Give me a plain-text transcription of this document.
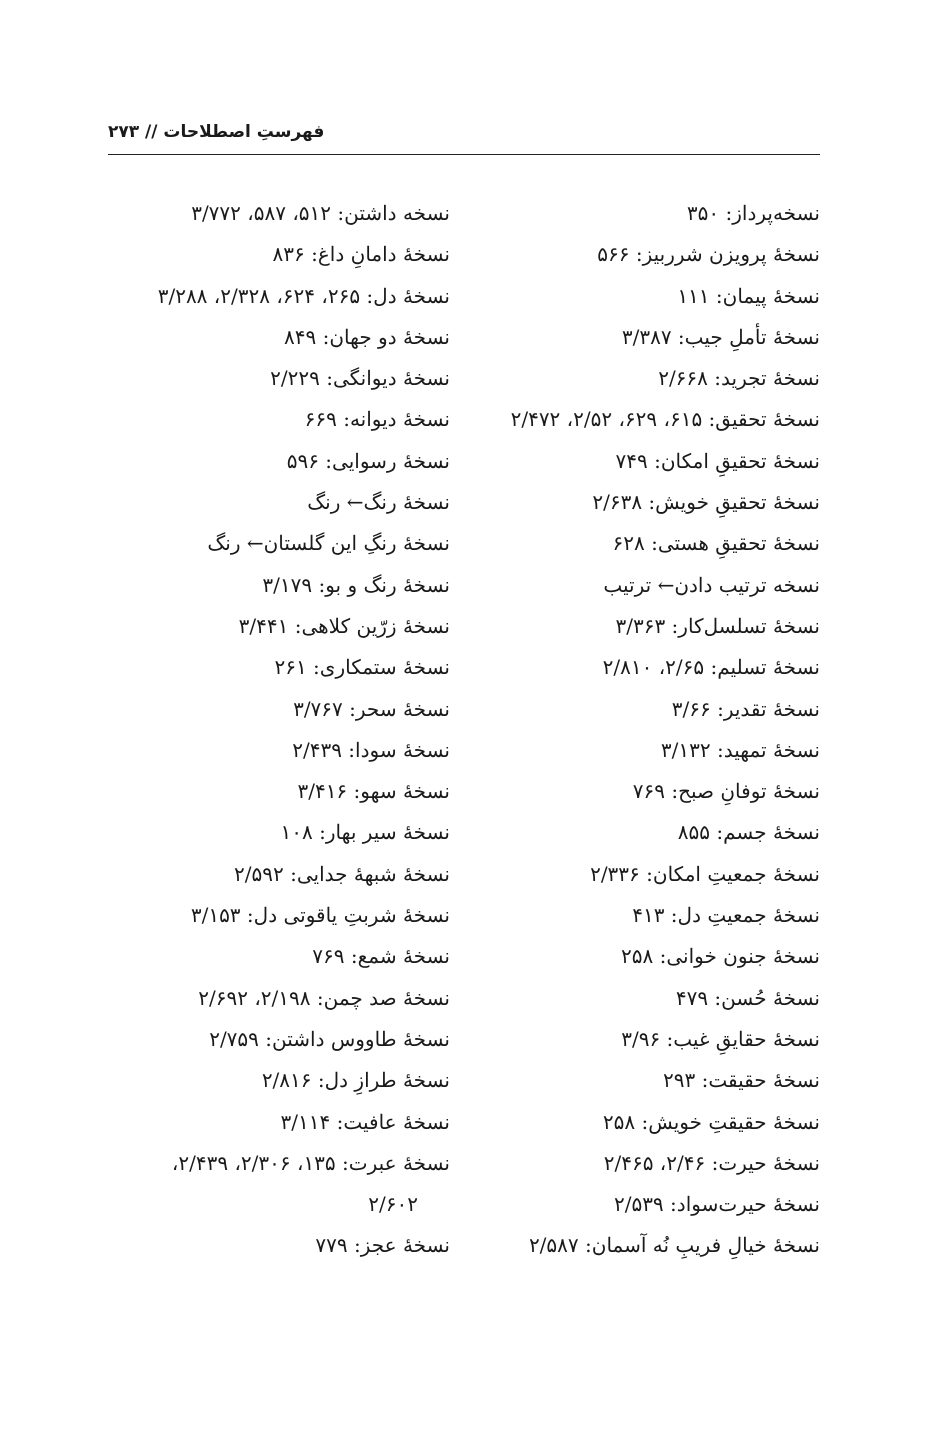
فهرستِ اصطلاحات // ۲۷۳
نسخه‌پرداز: ۳۵۰
نسخهٔ پرویزن شرربیز: ۵۶۶
نسخهٔ پیمان: ۱۱۱
نسخهٔ تأملِ جیب: ۳/۳۸۷
نسخهٔ تجرید: ۲/۶۶۸
نسخهٔ تحقیق: ۶۱۵، ۶۲۹، ۲/۵۲، ۲/۴۷۲
نسخهٔ تحقیقِ امکان: ۷۴۹
نسخهٔ تحقیقِ خویش: ۲/۶۳۸
نسخهٔ تحقیقِ هستی: ۶۲۸
نسخه ترتیب دادن← ترتیب
نسخهٔ تسلسل‌کار: ۳/۳۶۳
نسخهٔ تسلیم: ۲/۶۵، ۲/۸۱۰
نسخهٔ تقدیر: ۳/۶۶
نسخهٔ تمهید: ۳/۱۳۲
نسخهٔ توفانِ صبح: ۷۶۹
نسخهٔ جسم: ۸۵۵
نسخهٔ جمعیتِ امکان: ۲/۳۳۶
نسخهٔ جمعیتِ دل: ۴۱۳
نسخهٔ جنون خوانی: ۲۵۸
نسخهٔ حُسن: ۴۷۹
نسخهٔ حقایقِ غیب: ۳/۹۶
نسخهٔ حقیقت: ۲۹۳
نسخهٔ حقیقتِ خویش: ۲۵۸
نسخهٔ حیرت: ۲/۴۶، ۲/۴۶۵
نسخهٔ حیرت‌سواد: ۲/۵۳۹
نسخهٔ خیالِ فریبِ نُه آسمان: ۲/۵۸۷
نسخه داشتن: ۵۱۲، ۵۸۷، ۳/۷۷۲
نسخهٔ دامانِ داغ: ۸۳۶
نسخهٔ دل: ۲۶۵، ۶۲۴، ۲/۳۲۸، ۳/۲۸۸
نسخهٔ دو جهان: ۸۴۹
نسخهٔ دیوانگی: ۲/۲۲۹
نسخهٔ دیوانه: ۶۶۹
نسخهٔ رسوایی: ۵۹۶
نسخهٔ رنگ← رنگ
نسخهٔ رنگِ این گلستان← رنگ
نسخهٔ رنگ و بو: ۳/۱۷۹
نسخهٔ زرّین کلاهی: ۳/۴۴۱
نسخهٔ ستمکاری: ۲۶۱
نسخهٔ سحر: ۳/۷۶۷
نسخهٔ سودا: ۲/۴۳۹
نسخهٔ سهو: ۳/۴۱۶
نسخهٔ سیر بهار: ۱۰۸
نسخهٔ شبههٔ جدایی: ۲/۵۹۲
نسخهٔ شربتِ یاقوتی دل: ۳/۱۵۳
نسخهٔ شمع: ۷۶۹
نسخهٔ صد چمن: ۲/۱۹۸، ۲/۶۹۲
نسخهٔ طاووس داشتن: ۲/۷۵۹
نسخهٔ طرازِ دل: ۲/۸۱۶
نسخهٔ عافیت: ۳/۱۱۴
نسخهٔ عبرت: ۱۳۵، ۲/۳۰۶، ۲/۴۳۹،
۲/۶۰۲
نسخهٔ عجز: ۷۷۹
